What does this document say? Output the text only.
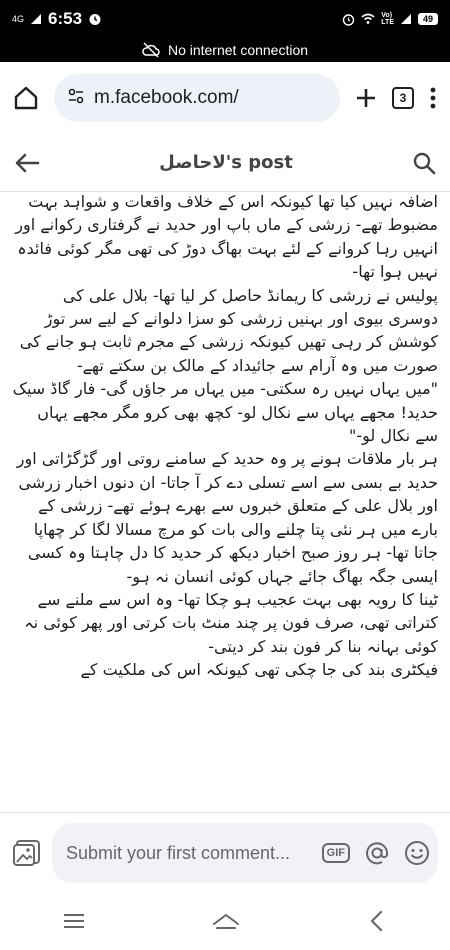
4G 6:53	Vo)
LTE	49
No internet connection
m.facebook.com/	3
لاحاصل's post
اضافہ نہیں کیا تھا کیونکہ اس کے خلاف واقعات و شواہد بہت مضبوط تھے- زرشی کے ماں باپ اور حدید نے گرفتاری رکوانے اور انہیں رہا کروانے کے لئے بہت بھاگ دوڑ کی تھی مگر کوئی فائدہ نہیں ہوا تھا-
پولیس نے زرشی کا ریمانڈ حاصل کر لیا تھا- بلال علی کی دوسری بیوی اور بہنیں زرشی کو سزا دلوانے کے لیے سر توڑ کوشش کر رہی تھیں کیونکہ زرشی کے مجرم ثابت ہو جانے کی صورت میں وہ آرام سے جائیداد کے مالک بن سکتے تھے-
"میں یہاں نہیں رہ سکتی- میں یہاں مر جاؤں گی- فار گاڈ سیک حدید! مجھے یہاں سے نکال لو- کچھ بھی کرو مگر مجھے یہاں سے نکال لو-"
ہر بار ملاقات ہونے پر وہ حدید کے سامنے روتی اور گڑگڑاتی اور حدید بے بسی سے اسے تسلی دے کر آ جاتا- ان دنوں اخبار زرشی اور بلال علی کے متعلق خبروں سے بھرے ہوئے تھے- زرشی کے بارے میں ہر نئی پتا چلنے والی بات کو مرچ مسالا لگا کر چھاپا جاتا تھا- ہر روز صبح اخبار دیکھ کر حدید کا دل چاہتا وہ کسی ایسی جگہ بھاگ جائے جہاں کوئی انسان نہ ہو-
ٹینا کا رویہ بھی بہت عجیب ہو چکا تھا- وہ اس سے ملنے سے کتراتی تھی، صرف فون پر چند منٹ بات کرتی اور پھر کوئی نہ کوئی بہانہ بنا کر فون بند کر دیتی-
فیکٹری بند کی جا چکی تھی کیونکہ اس کی ملکیت کے
Submit your first comment...	GIF
